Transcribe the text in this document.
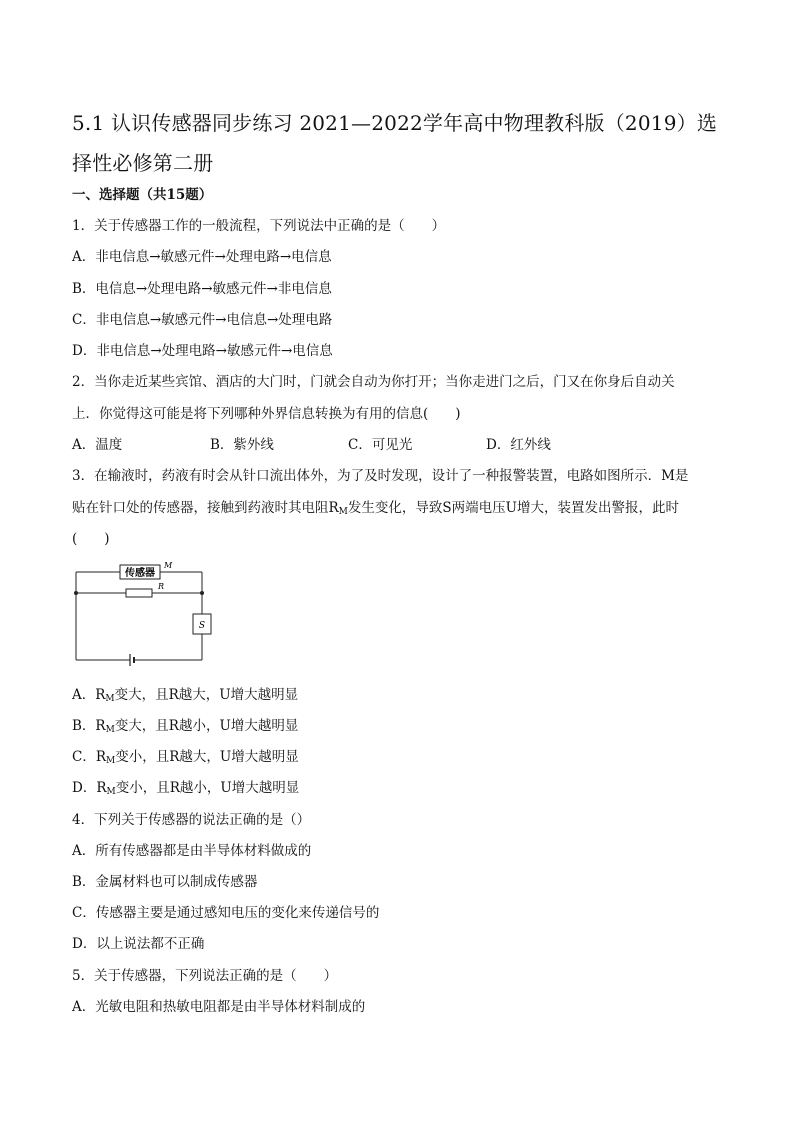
5.1 认识传感器同步练习 2021—2022学年高中物理教科版（2019）选择性必修第二册
一、选择题（共15题）
1．关于传感器工作的一般流程，下列说法中正确的是（　　）
A．非电信息→敏感元件→处理电路→电信息
B．电信息→处理电路→敏感元件→非电信息
C．非电信息→敏感元件→电信息→处理电路
D．非电信息→处理电路→敏感元件→电信息
2．当你走近某些宾馆、酒店的大门时，门就会自动为你打开；当你走进门之后，门又在你身后自动关
上．你觉得这可能是将下列哪种外界信息转换为有用的信息(　　)
A．温度	B．紫外线	C．可见光	D．红外线
3．在输液时，药液有时会从针口流出体外，为了及时发现，设计了一种报警装置，电路如图所示．M是
贴在针口处的传感器，接触到药液时其电阻$R_M$发生变化，导致S两端电压U增大，装置发出警报，此时
(　　)
传感器
M
R
S
A．$R_M$变大，且R越大，U增大越明显
B．$R_M$变大，且R越小，U增大越明显
C．$R_M$变小，且R越大，U增大越明显
D．$R_M$变小，且R越小，U增大越明显
4．下列关于传感器的说法正确的是（）
A．所有传感器都是由半导体材料做成的
B．金属材料也可以制成传感器
C．传感器主要是通过感知电压的变化来传递信号的
D．以上说法都不正确
5．关于传感器，下列说法正确的是（　　）
A．光敏电阻和热敏电阻都是由半导体材料制成的
